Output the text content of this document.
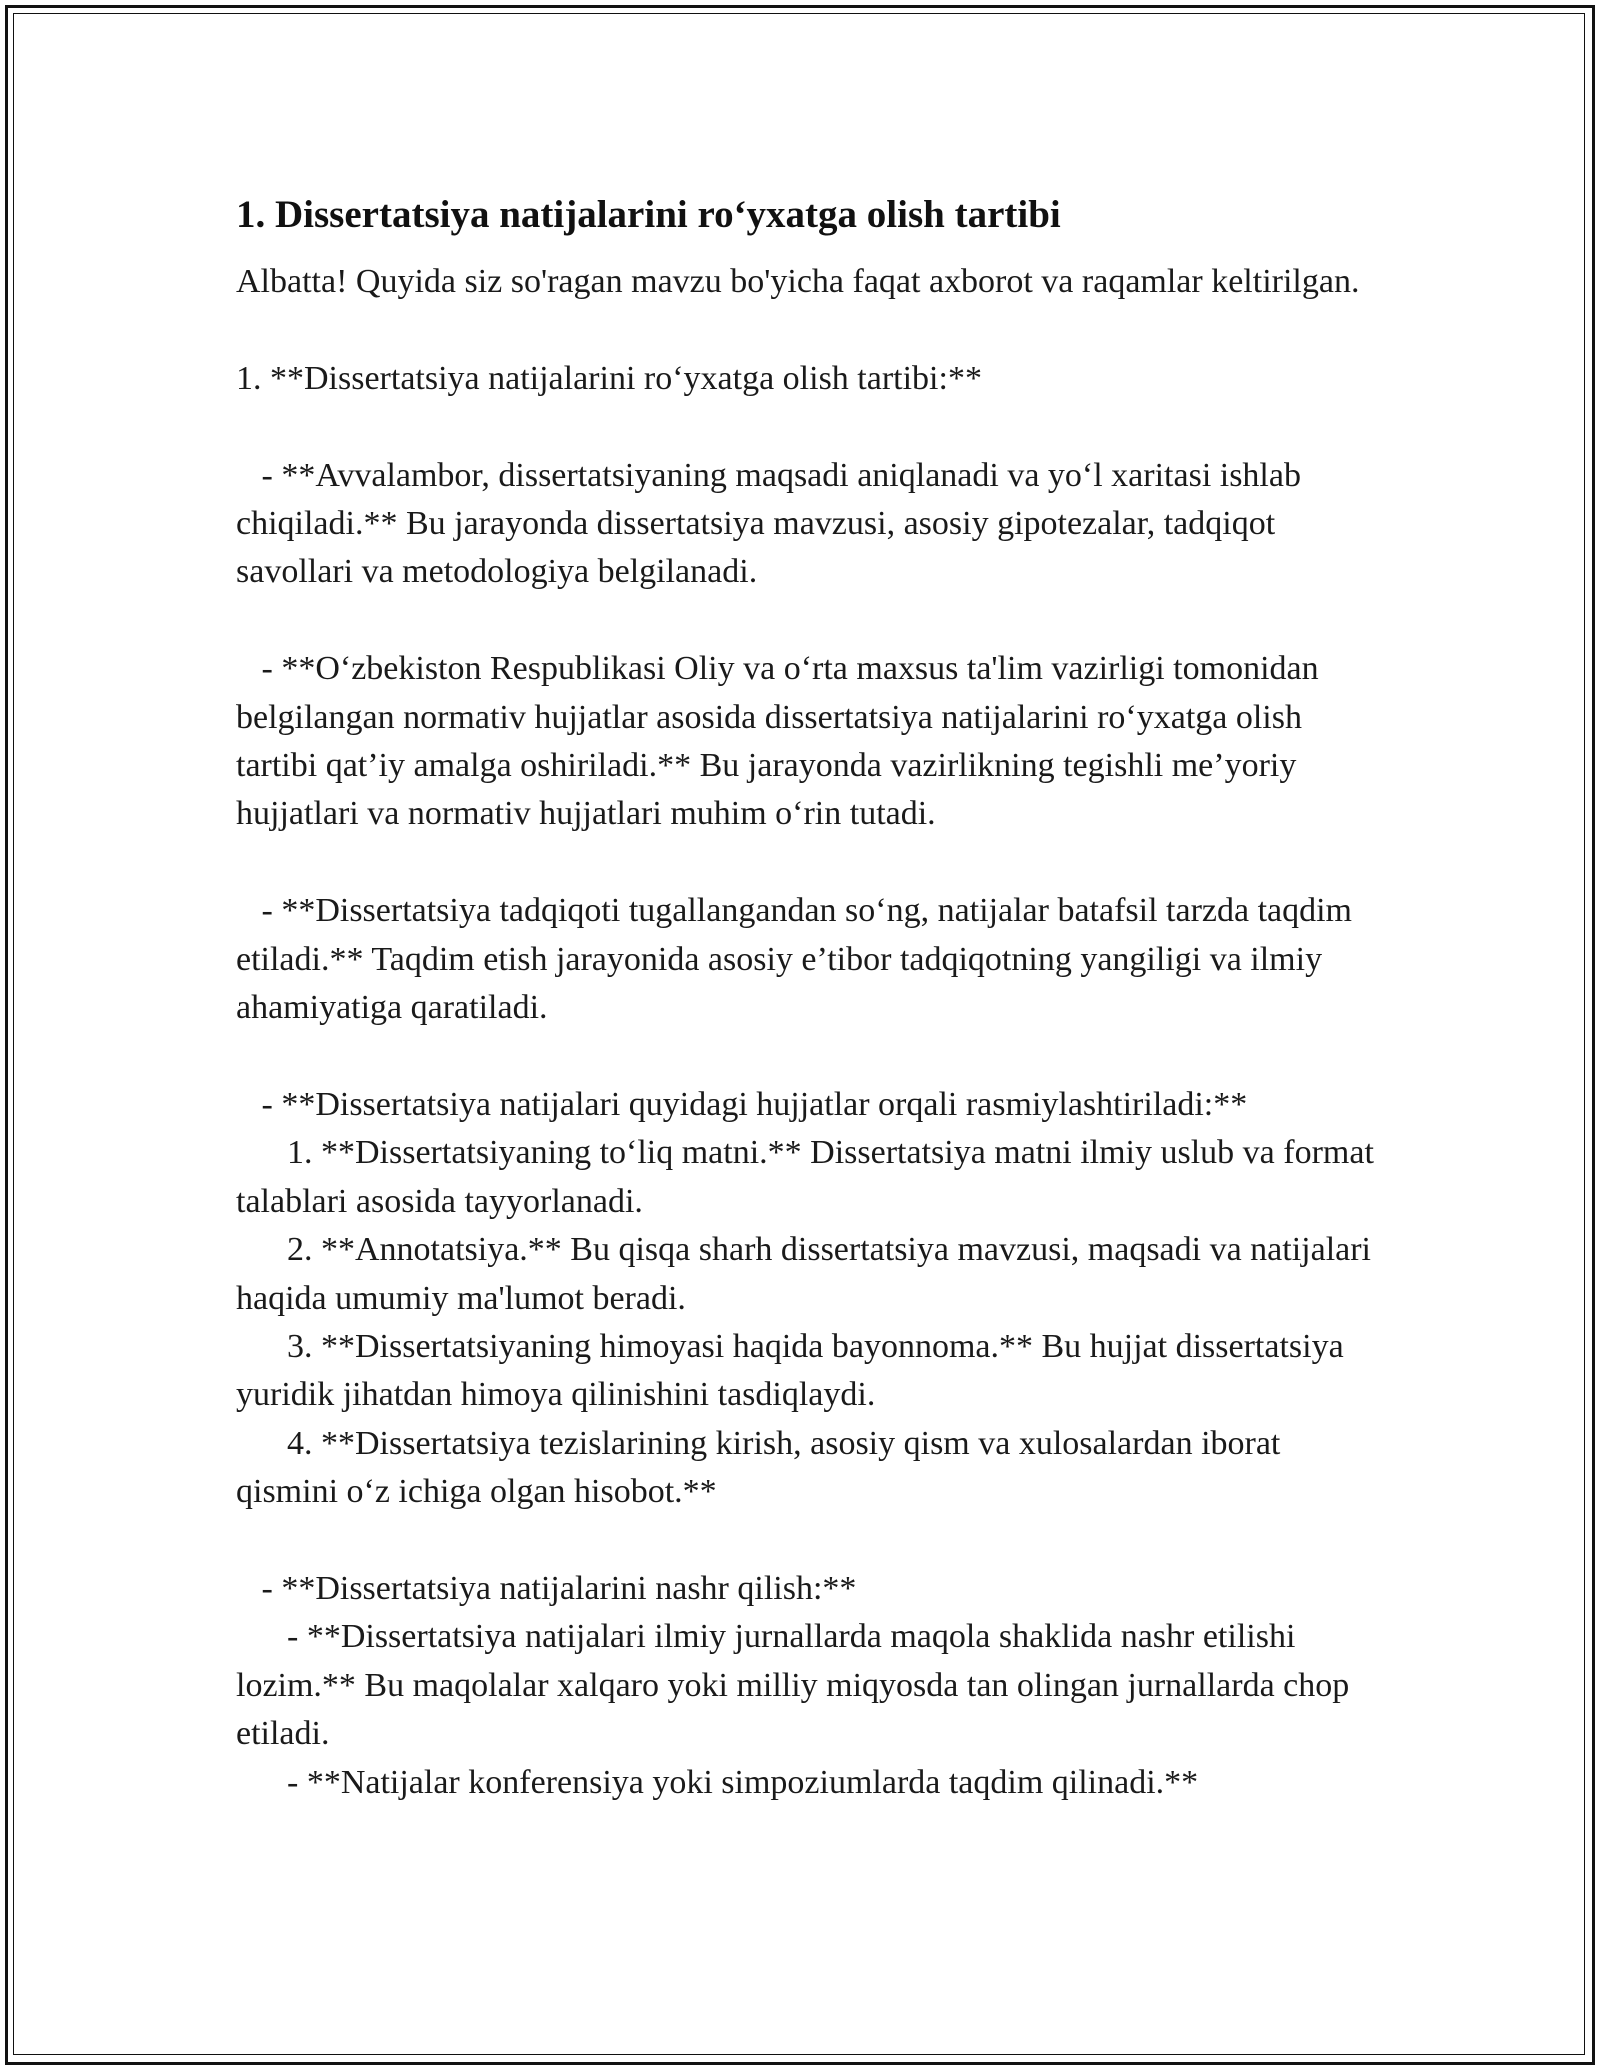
1. Dissertatsiya natijalarini ro‘yxatga olish tartibi

Albatta! Quyida siz so'ragan mavzu bo'yicha faqat axborot va raqamlar keltirilgan.

1. **Dissertatsiya natijalarini ro‘yxatga olish tartibi:**

- **Avvalambor, dissertatsiyaning maqsadi aniqlanadi va yo‘l xaritasi ishlab chiqiladi.** Bu jarayonda dissertatsiya mavzusi, asosiy gipotezalar, tadqiqot savollari va metodologiya belgilanadi.

- **O‘zbekiston Respublikasi Oliy va o‘rta maxsus ta'lim vazirligi tomonidan belgilangan normativ hujjatlar asosida dissertatsiya natijalarini ro‘yxatga olish tartibi qat’iy amalga oshiriladi.** Bu jarayonda vazirlikning tegishli me’yoriy hujjatlari va normativ hujjatlari muhim o‘rin tutadi.

- **Dissertatsiya tadqiqoti tugallangandan so‘ng, natijalar batafsil tarzda taqdim etiladi.** Taqdim etish jarayonida asosiy e’tibor tadqiqotning yangiligi va ilmiy ahamiyatiga qaratiladi.

- **Dissertatsiya natijalari quyidagi hujjatlar orqali rasmiylashtiriladi:**

1. **Dissertatsiyaning to‘liq matni.** Dissertatsiya matni ilmiy uslub va format talablari asosida tayyorlanadi.

2. **Annotatsiya.** Bu qisqa sharh dissertatsiya mavzusi, maqsadi va natijalari haqida umumiy ma'lumot beradi.

3. **Dissertatsiyaning himoyasi haqida bayonnoma.** Bu hujjat dissertatsiya yuridik jihatdan himoya qilinishini tasdiqlaydi.

4. **Dissertatsiya tezislarining kirish, asosiy qism va xulosalardan iborat qismini o‘z ichiga olgan hisobot.**

- **Dissertatsiya natijalarini nashr qilish:**

- **Dissertatsiya natijalari ilmiy jurnallarda maqola shaklida nashr etilishi lozim.** Bu maqolalar xalqaro yoki milliy miqyosda tan olingan jurnallarda chop etiladi.

- **Natijalar konferensiya yoki simpoziumlarda taqdim qilinadi.**
